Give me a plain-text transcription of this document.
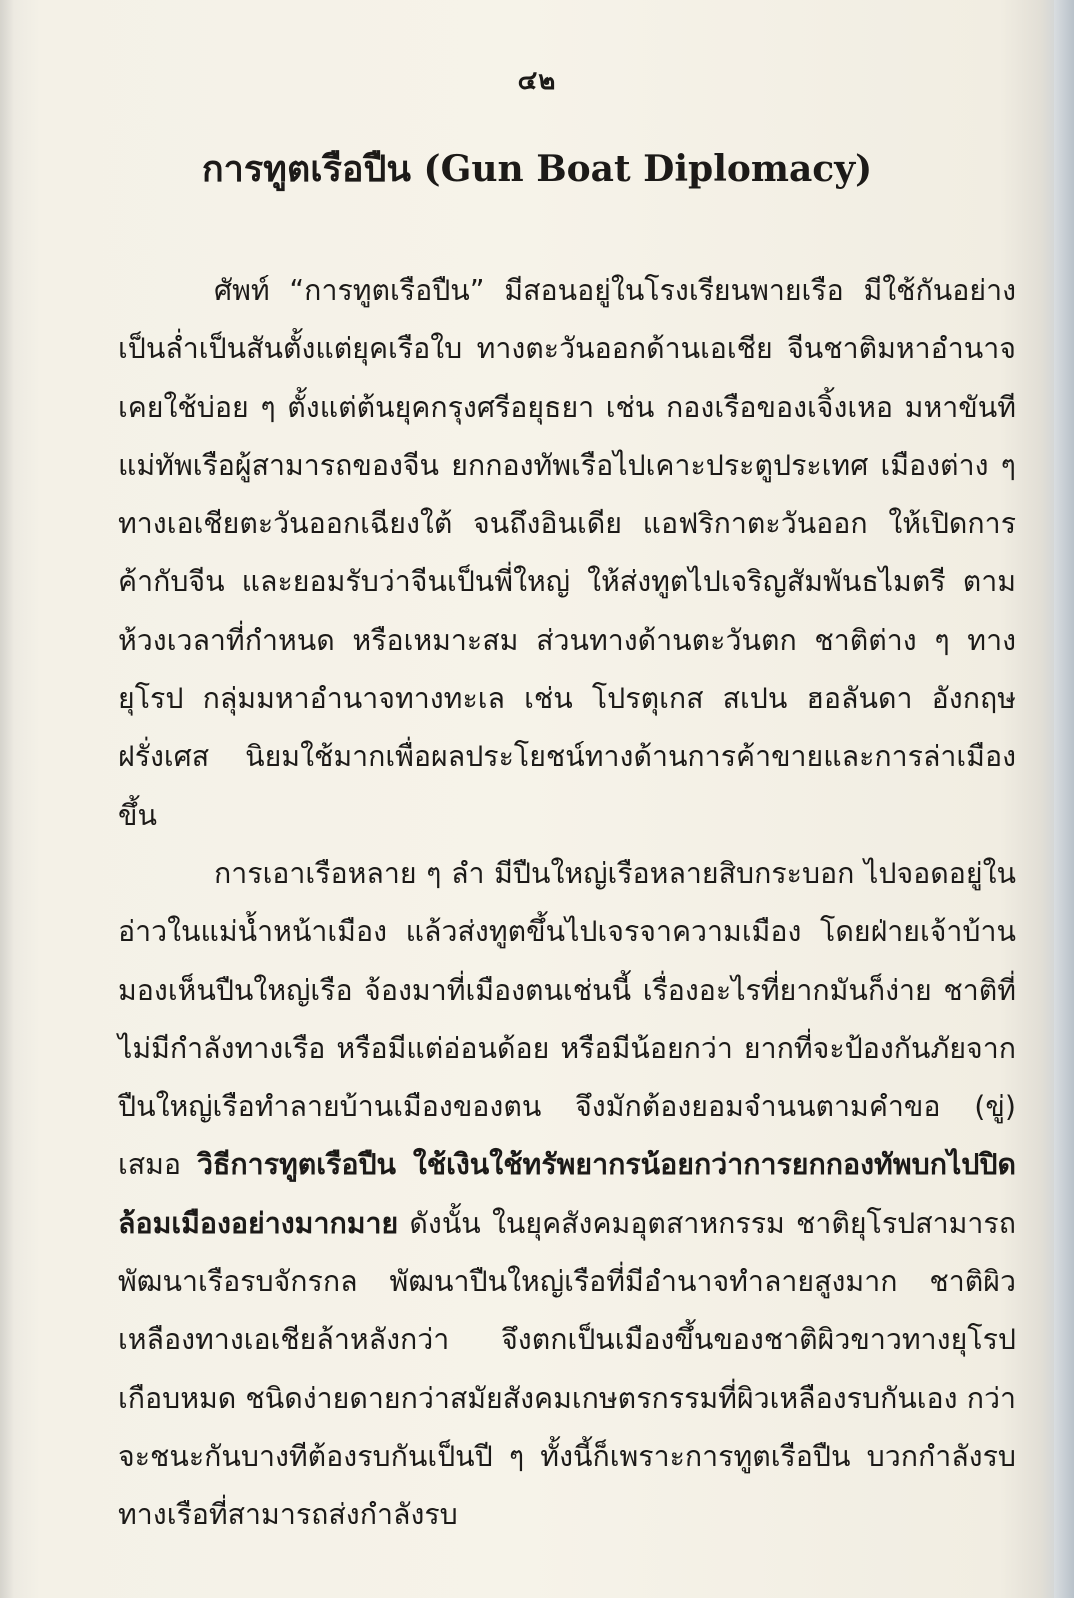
๔๒
การทูตเรือปืน (Gun Boat Diplomacy)

ศัพท์ “การทูตเรือปืน” มีสอนอยู่ในโรงเรียนพายเรือ มีใช้กันอย่างเป็นล่ำเป็นสันตั้งแต่ยุคเรือใบ ทางตะวันออกด้านเอเชีย จีนชาติมหาอำนาจเคยใช้บ่อย ๆ ตั้งแต่ต้นยุคกรุงศรีอยุธยา เช่น กองเรือของเจิ้งเหอ มหาขันที แม่ทัพเรือผู้สามารถของจีน ยกกองทัพเรือไปเคาะประตูประเทศ เมืองต่าง ๆ ทางเอเชียตะวันออกเฉียงใต้ จนถึงอินเดีย แอฟริกาตะวันออก ให้เปิดการค้ากับจีน และยอมรับว่าจีนเป็นพี่ใหญ่ ให้ส่งทูตไปเจริญสัมพันธไมตรี ตามห้วงเวลาที่กำหนด หรือเหมาะสม ส่วนทางด้านตะวันตก ชาติต่าง ๆ ทางยุโรป กลุ่มมหาอำนาจทางทะเล เช่น โปรตุเกส สเปน ฮอลันดา อังกฤษ ฝรั่งเศส นิยมใช้มากเพื่อผลประโยชน์ทางด้านการค้าขายและการล่าเมืองขึ้น

การเอาเรือหลาย ๆ ลำ มีปืนใหญ่เรือหลายสิบกระบอก ไปจอดอยู่ในอ่าวในแม่น้ำหน้าเมือง แล้วส่งทูตขึ้นไปเจรจาความเมือง โดยฝ่ายเจ้าบ้านมองเห็นปืนใหญ่เรือ จ้องมาที่เมืองตนเช่นนี้ เรื่องอะไรที่ยากมันก็ง่าย ชาติที่ไม่มีกำลังทางเรือ หรือมีแต่อ่อนด้อย หรือมีน้อยกว่า ยากที่จะป้องกันภัยจากปืนใหญ่เรือทำลายบ้านเมืองของตน จึงมักต้องยอมจำนนตามคำขอ (ขู่) เสมอ วิธีการทูตเรือปืน ใช้เงินใช้ทรัพยากรน้อยกว่าการยกกองทัพบกไปปิดล้อมเมืองอย่างมากมาย ดังนั้น ในยุคสังคมอุตสาหกรรม ชาติยุโรปสามารถพัฒนาเรือรบจักรกล พัฒนาปืนใหญ่เรือที่มีอำนาจทำลายสูงมาก ชาติผิวเหลืองทางเอเชียล้าหลังกว่า จึงตกเป็นเมืองขึ้นของชาติผิวขาวทางยุโรปเกือบหมด ชนิดง่ายดายกว่าสมัยสังคมเกษตรกรรมที่ผิวเหลืองรบกันเอง กว่าจะชนะกันบางทีต้องรบกันเป็นปี ๆ ทั้งนี้ก็เพราะการทูตเรือปืน บวกกำลังรบทางเรือที่สามารถส่งกำลังรบ
